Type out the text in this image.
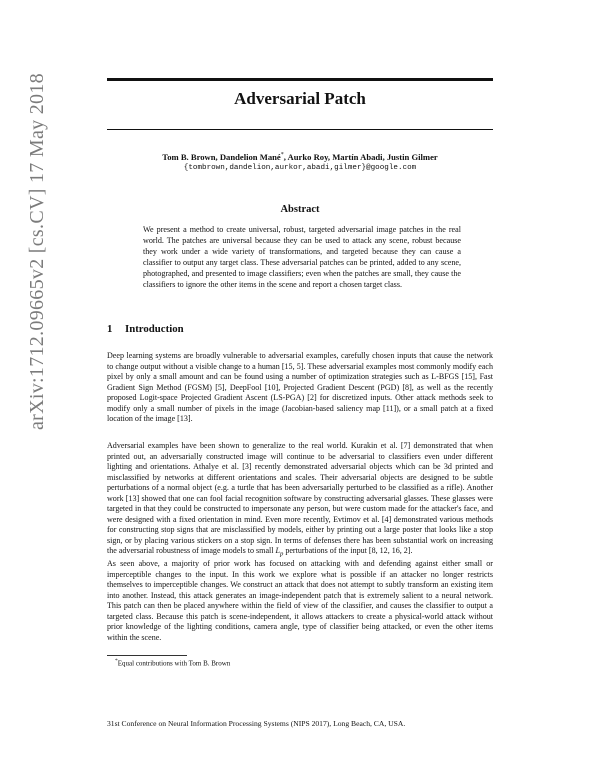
arXiv:1712.09665v2 [cs.CV] 17 May 2018	Adversarial Patch
Tom B. Brown, Dandelion Mané*, Aurko Roy, Martín Abadi, Justin Gilmer
{tombrown,dandelion,aurkor,abadi,gilmer}@google.com
Abstract
We present a method to create universal, robust, targeted adversarial image patches in the real world. The patches are universal because they can be used to attack any scene, robust because they work under a wide variety of transformations, and targeted because they can cause a classifier to output any target class. These adversarial patches can be printed, added to any scene, photographed, and presented to image classifiers; even when the patches are small, they cause the classifiers to ignore the other items in the scene and report a chosen target class.
1 Introduction

Deep learning systems are broadly vulnerable to adversarial examples, carefully chosen inputs that cause the network to change output without a visible change to a human [15, 5]. These adversarial examples most commonly modify each pixel by only a small amount and can be found using a number of optimization strategies such as L-BFGS [15], Fast Gradient Sign Method (FGSM) [5], DeepFool [10], Projected Gradient Descent (PGD) [8], as well as the recently proposed Logit-space Projected Gradient Ascent (LS-PGA) [2] for discretized inputs. Other attack methods seek to modify only a small number of pixels in the image (Jacobian-based saliency map [11]), or a small patch at a fixed location of the image [13].

Adversarial examples have been shown to generalize to the real world. Kurakin et al. [7] demonstrated that when printed out, an adversarially constructed image will continue to be adversarial to classifiers even under different lighting and orientations. Athalye et al. [3] recently demonstrated adversarial objects which can be 3d printed and misclassified by networks at different orientations and scales. Their adversarial objects are designed to be subtle perturbations of a normal object (e.g. a turtle that has been adversarially perturbed to be classified as a rifle). Another work [13] showed that one can fool facial recognition software by constructing adversarial glasses. These glasses were targeted in that they could be constructed to impersonate any person, but were custom made for the attacker's face, and were designed with a fixed orientation in mind. Even more recently, Evtimov et al. [4] demonstrated various methods for constructing stop signs that are misclassified by models, either by printing out a large poster that looks like a stop sign, or by placing various stickers on a stop sign. In terms of defenses there has been substantial work on increasing the adversarial robustness of image models to small $L_p$ perturbations of the input [8, 12, 16, 2].

As seen above, a majority of prior work has focused on attacking with and defending against either small or imperceptible changes to the input. In this work we explore what is possible if an attacker no longer restricts themselves to imperceptible changes. We construct an attack that does not attempt to subtly transform an existing item into another. Instead, this attack generates an image-independent patch that is extremely salient to a neural network. This patch can then be placed anywhere within the field of view of the classifier, and causes the classifier to output a targeted class. Because this patch is scene-independent, it allows attackers to create a physical-world attack without prior knowledge of the lighting conditions, camera angle, type of classifier being attacked, or even the other items within the scene.

*Equal contributions with Tom B. Brown
31st Conference on Neural Information Processing Systems (NIPS 2017), Long Beach, CA, USA.
